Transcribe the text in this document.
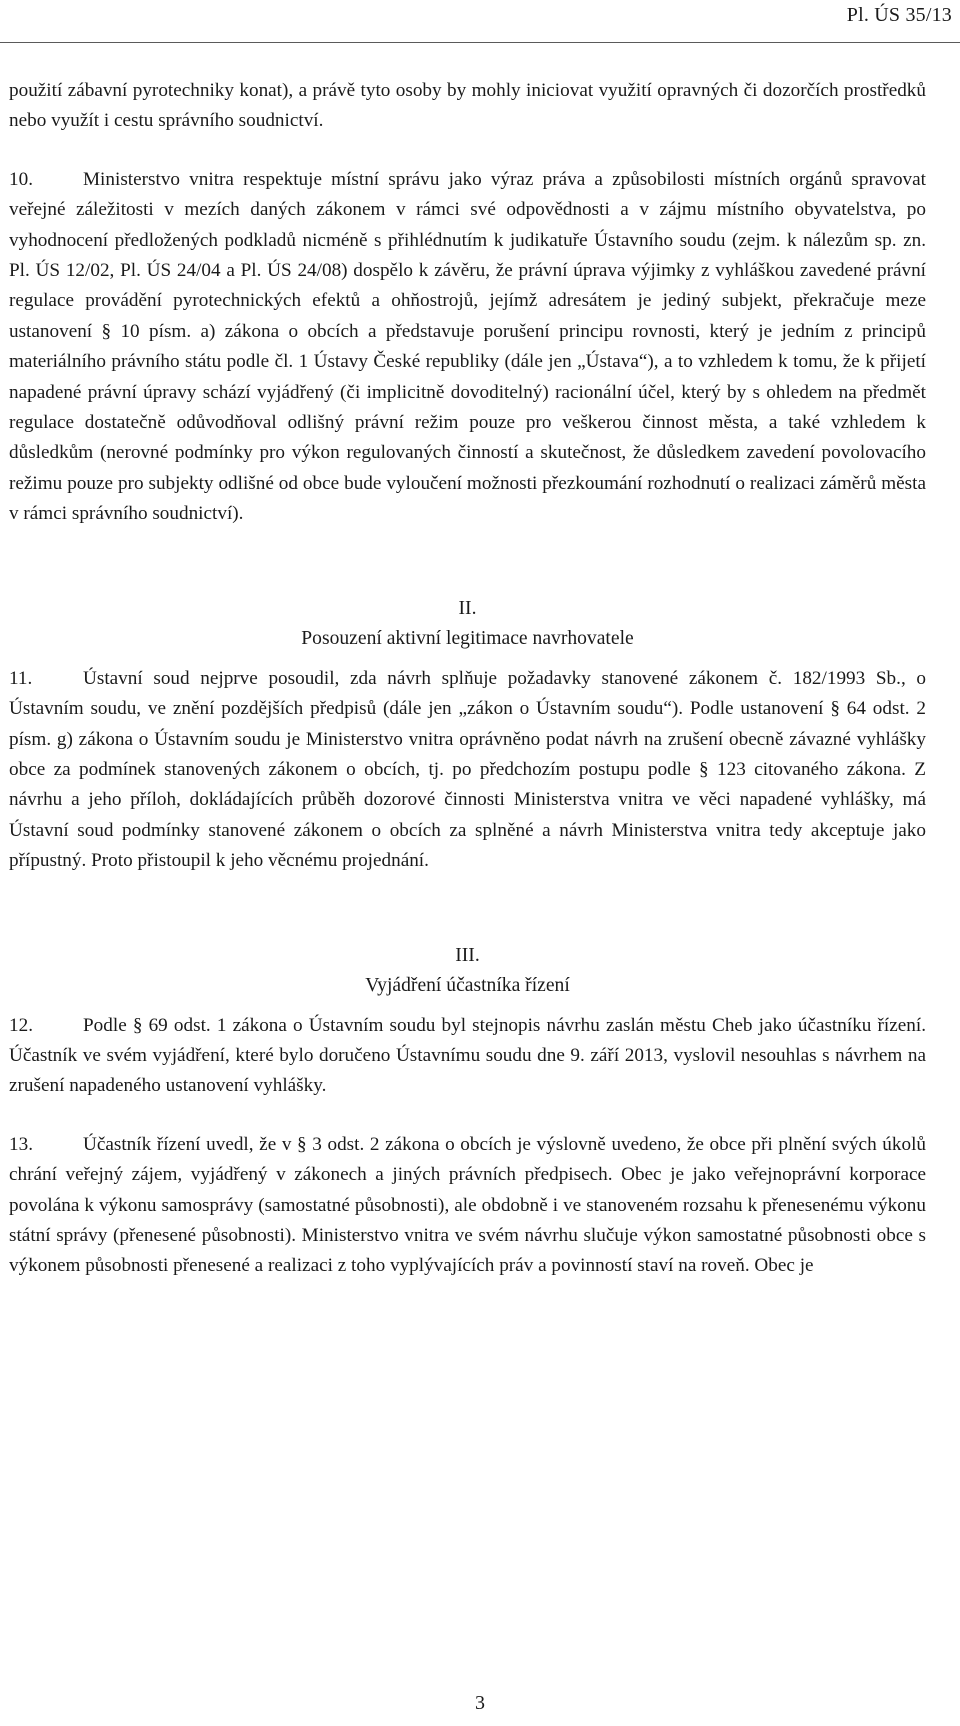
Pl. ÚS 35/13

použití zábavní pyrotechniky konat), a právě tyto osoby by mohly iniciovat využití opravných či dozorčích prostředků nebo využít i cestu správního soudnictví.

10.	Ministerstvo vnitra respektuje místní správu jako výraz práva a způsobilosti místních orgánů spravovat veřejné záležitosti v mezích daných zákonem v rámci své odpovědnosti a v zájmu místního obyvatelstva, po vyhodnocení předložených podkladů nicméně s přihlédnutím k judikatuře Ústavního soudu (zejm. k nálezům sp. zn. Pl. ÚS 12/02, Pl. ÚS 24/04 a Pl. ÚS 24/08) dospělo k závěru, že právní úprava výjimky z vyhláškou zavedené právní regulace provádění pyrotechnických efektů a ohňostrojů, jejímž adresátem je jediný subjekt, překračuje meze ustanovení § 10 písm. a) zákona o obcích a představuje porušení principu rovnosti, který je jedním z principů materiálního právního státu podle čl. 1 Ústavy České republiky (dále jen „Ústava“), a to vzhledem k tomu, že k přijetí napadené právní úpravy schází vyjádřený (či implicitně dovoditelný) racionální účel, který by s ohledem na předmět regulace dostatečně odůvodňoval odlišný právní režim pouze pro veškerou činnost města, a také vzhledem k důsledkům (nerovné podmínky pro výkon regulovaných činností a skutečnost, že důsledkem zavedení povolovacího režimu pouze pro subjekty odlišné od obce bude vyloučení možnosti přezkoumání rozhodnutí o realizaci záměrů města v rámci správního soudnictví).

II.

Posouzení aktivní legitimace navrhovatele

11.	Ústavní soud nejprve posoudil, zda návrh splňuje požadavky stanovené zákonem č. 182/1993 Sb., o Ústavním soudu, ve znění pozdějších předpisů (dále jen „zákon o Ústavním soudu“). Podle ustanovení § 64 odst. 2 písm. g) zákona o Ústavním soudu je Ministerstvo vnitra oprávněno podat návrh na zrušení obecně závazné vyhlášky obce za podmínek stanovených zákonem o obcích, tj. po předchozím postupu podle § 123 citovaného zákona. Z návrhu a jeho příloh, dokládajících průběh dozorové činnosti Ministerstva vnitra ve věci napadené vyhlášky, má Ústavní soud podmínky stanovené zákonem o obcích za splněné a návrh Ministerstva vnitra tedy akceptuje jako přípustný. Proto přistoupil k jeho věcnému projednání.

III.

Vyjádření účastníka řízení

12.	Podle § 69 odst. 1 zákona o Ústavním soudu byl stejnopis návrhu zaslán městu Cheb jako účastníku řízení. Účastník ve svém vyjádření, které bylo doručeno Ústavnímu soudu dne 9. září 2013, vyslovil nesouhlas s návrhem na zrušení napadeného ustanovení vyhlášky.

13.	Účastník řízení uvedl, že v § 3 odst. 2 zákona o obcích je výslovně uvedeno, že obce při plnění svých úkolů chrání veřejný zájem, vyjádřený v zákonech a jiných právních předpisech. Obec je jako veřejnoprávní korporace povolána k výkonu samosprávy (samostatné působnosti), ale obdobně i ve stanoveném rozsahu k přenesenému výkonu státní správy (přenesené působnosti). Ministerstvo vnitra ve svém návrhu slučuje výkon samostatné působnosti obce s výkonem působnosti přenesené a realizaci z toho vyplývajících práv a povinností staví na roveň. Obec je

3
